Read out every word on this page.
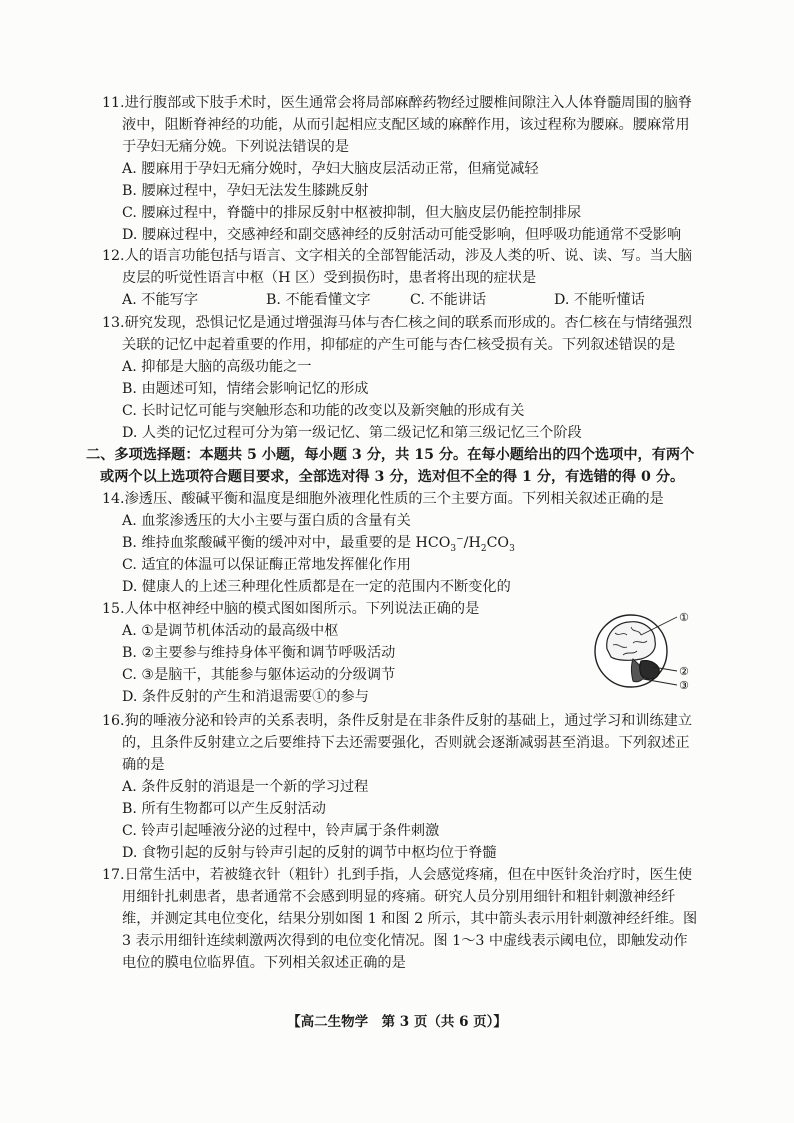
11.进行腹部或下肢手术时，医生通常会将局部麻醉药物经过腰椎间隙注入人体脊髓周围的脑脊液中，阻断脊神经的功能，从而引起相应支配区域的麻醉作用，该过程称为腰麻。腰麻常用于孕妇无痛分娩。下列说法错误的是
A. 腰麻用于孕妇无痛分娩时，孕妇大脑皮层活动正常，但痛觉减轻
B. 腰麻过程中，孕妇无法发生膝跳反射
C. 腰麻过程中，脊髓中的排尿反射中枢被抑制，但大脑皮层仍能控制排尿
D. 腰麻过程中，交感神经和副交感神经的反射活动可能受影响，但呼吸功能通常不受影响
12.人的语言功能包括与语言、文字相关的全部智能活动，涉及人类的听、说、读、写。当大脑皮层的听觉性语言中枢（H 区）受到损伤时，患者将出现的症状是
A. 不能写字	B. 不能看懂文字	C. 不能讲话	D. 不能听懂话
13.研究发现，恐惧记忆是通过增强海马体与杏仁核之间的联系而形成的。杏仁核在与情绪强烈关联的记忆中起着重要的作用，抑郁症的产生可能与杏仁核受损有关。下列叙述错误的是
A. 抑郁是大脑的高级功能之一
B. 由题述可知，情绪会影响记忆的形成
C. 长时记忆可能与突触形态和功能的改变以及新突触的形成有关
D. 人类的记忆过程可分为第一级记忆、第二级记忆和第三级记忆三个阶段
二、多项选择题：本题共 5 小题，每小题 3 分，共 15 分。在每小题给出的四个选项中，有两个或两个以上选项符合题目要求，全部选对得 3 分，选对但不全的得 1 分，有选错的得 0 分。
14.渗透压、酸碱平衡和温度是细胞外液理化性质的三个主要方面。下列相关叙述正确的是
A. 血浆渗透压的大小主要与蛋白质的含量有关
B. 维持血浆酸碱平衡的缓冲对中，最重要的是 $HCO_3^-/H_2CO_3$
C. 适宜的体温可以保证酶正常地发挥催化作用
D. 健康人的上述三种理化性质都是在一定的范围内不断变化的
15.人体中枢神经中脑的模式图如图所示。下列说法正确的是
A. ①是调节机体活动的最高级中枢
B. ②主要参与维持身体平衡和调节呼吸活动
C. ③是脑干，其能参与躯体运动的分级调节
D. 条件反射的产生和消退需要①的参与
①
②
③
16.狗的唾液分泌和铃声的关系表明，条件反射是在非条件反射的基础上，通过学习和训练建立的，且条件反射建立之后要维持下去还需要强化，否则就会逐渐减弱甚至消退。下列叙述正确的是
A. 条件反射的消退是一个新的学习过程
B. 所有生物都可以产生反射活动
C. 铃声引起唾液分泌的过程中，铃声属于条件刺激
D. 食物引起的反射与铃声引起的反射的调节中枢均位于脊髓
17.日常生活中，若被缝衣针（粗针）扎到手指，人会感觉疼痛，但在中医针灸治疗时，医生使用细针扎刺患者，患者通常不会感到明显的疼痛。研究人员分别用细针和粗针刺激神经纤维，并测定其电位变化，结果分别如图 1 和图 2 所示，其中箭头表示用针刺激神经纤维。图 3 表示用细针连续刺激两次得到的电位变化情况。图 1～3 中虚线表示阈电位，即触发动作电位的膜电位临界值。下列相关叙述正确的是
【高二生物学　第 3 页（共 6 页）】
